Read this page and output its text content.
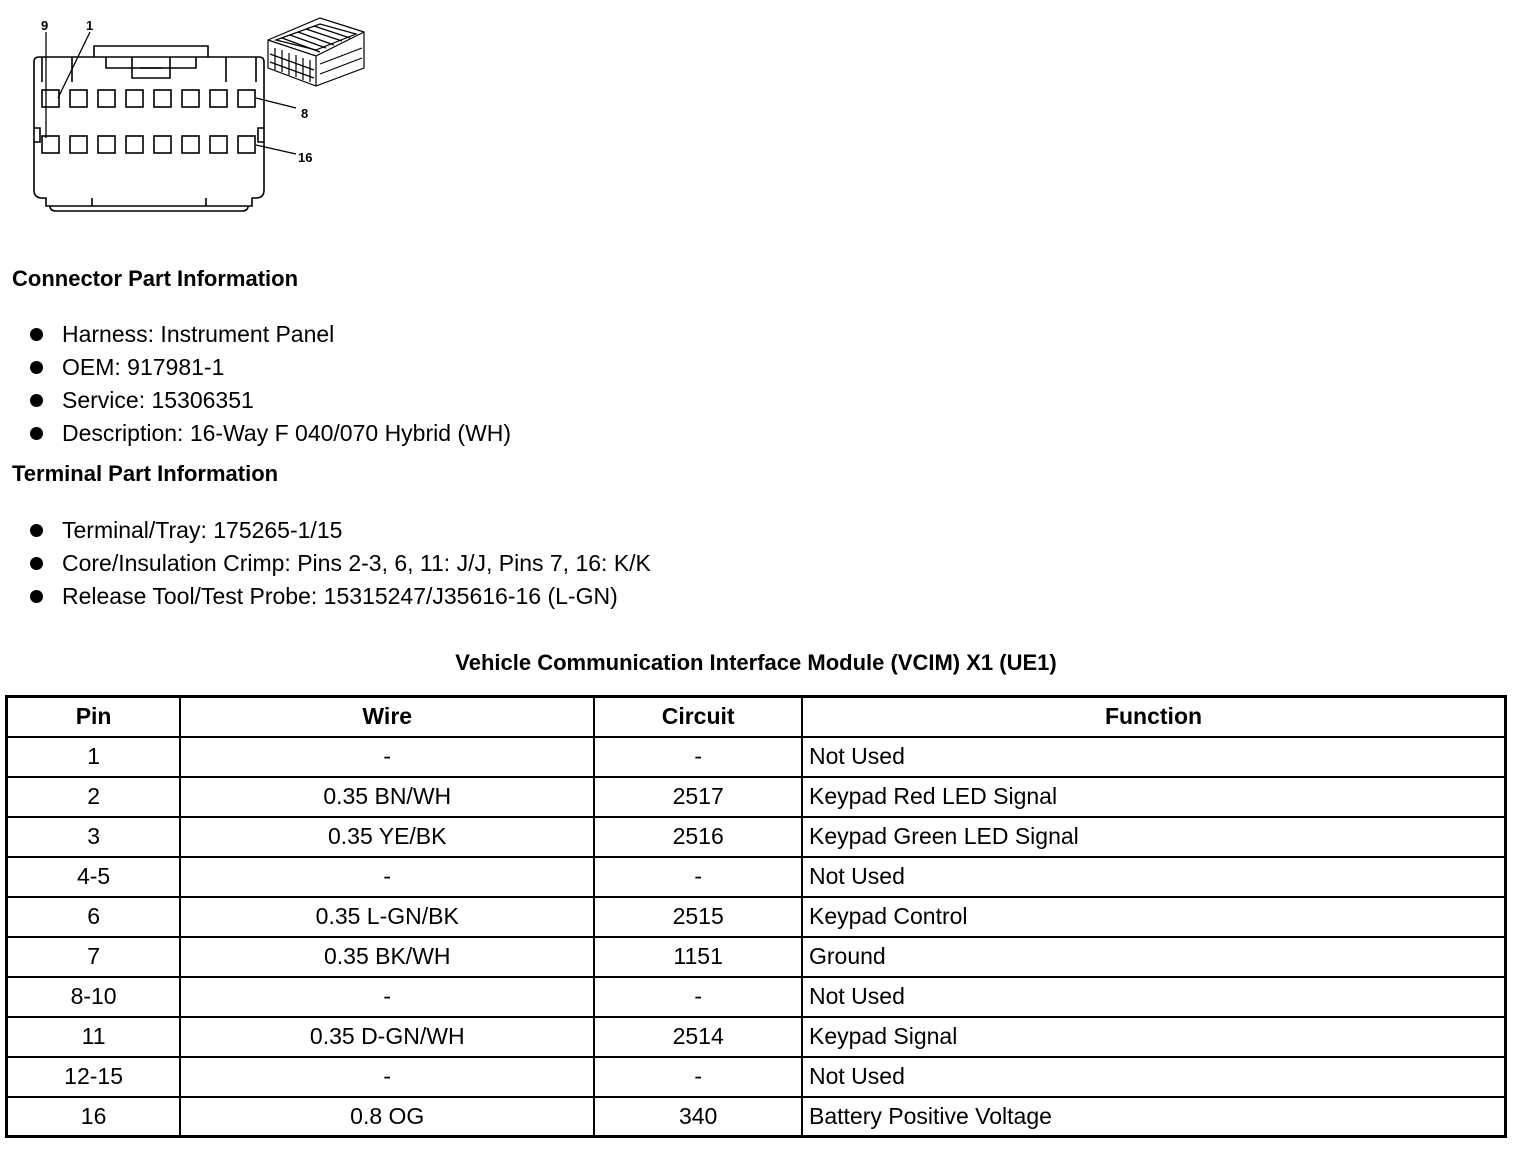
9	1
8
16
Connector Part Information
Harness: Instrument Panel
OEM: 917981-1
Service: 15306351
Description: 16-Way F 040/070 Hybrid (WH)
Terminal Part Information
Terminal/Tray: 175265-1/15
Core/Insulation Crimp: Pins 2-3, 6, 11: J/J, Pins 7, 16: K/K
Release Tool/Test Probe: 15315247/J35616-16 (L-GN)
Vehicle Communication Interface Module (VCIM) X1 (UE1)
Pin	Wire	Circuit	Function
1	-	-	Not Used
2	0.35 BN/WH	2517	Keypad Red LED Signal
3	0.35 YE/BK	2516	Keypad Green LED Signal
4-5	-	-	Not Used
6	0.35 L-GN/BK	2515	Keypad Control
7	0.35 BK/WH	1151	Ground
8-10	-	-	Not Used
11	0.35 D-GN/WH	2514	Keypad Signal
12-15	-	-	Not Used
16	0.8 OG	340	Battery Positive Voltage
